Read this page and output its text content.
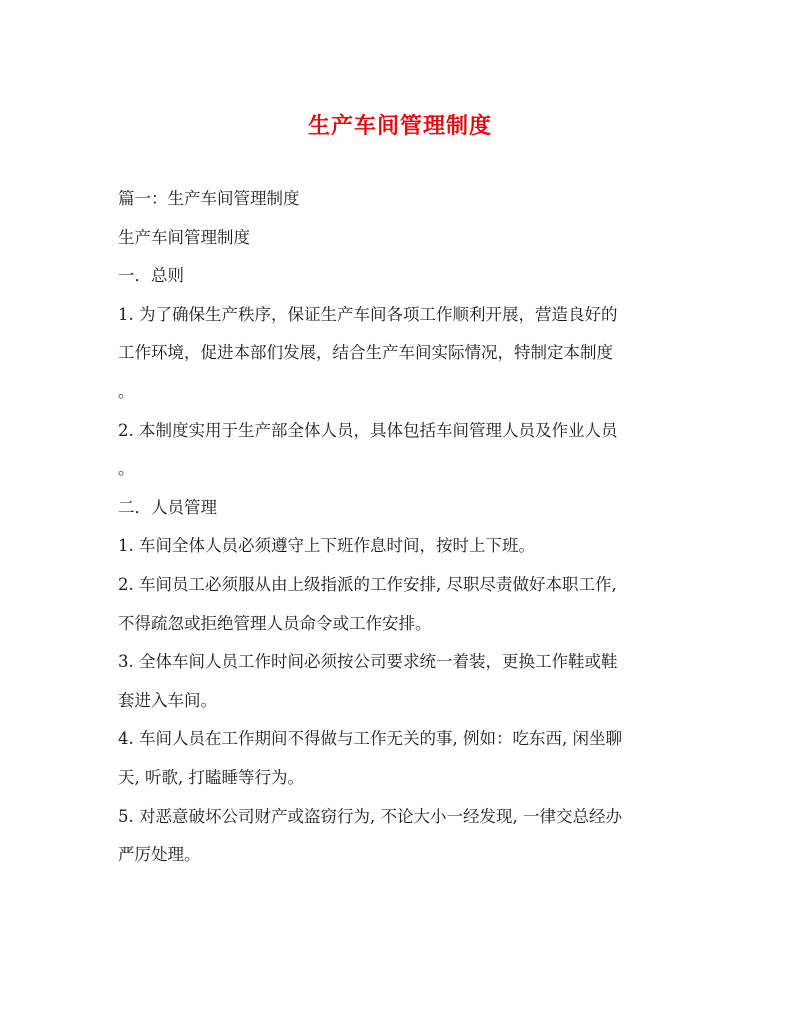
生产车间管理制度
篇一：生产车间管理制度
生产车间管理制度
一．总则
1. 为了确保生产秩序，保证生产车间各项工作顺利开展，营造良好的
工作环境，促进本部们发展，结合生产车间实际情况，特制定本制度
。
2. 本制度实用于生产部全体人员，具体包括车间管理人员及作业人员
。
二．人员管理
1. 车间全体人员必须遵守上下班作息时间，按时上下班。
2. 车间员工必须服从由上级指派的工作安排, 尽职尽责做好本职工作,
不得疏忽或拒绝管理人员命令或工作安排。
3. 全体车间人员工作时间必须按公司要求统一着装，更换工作鞋或鞋
套进入车间。
4. 车间人员在工作期间不得做与工作无关的事, 例如：吃东西, 闲坐聊
天, 听歌, 打瞌睡等行为。
5. 对恶意破坏公司财产或盗窃行为, 不论大小一经发现, 一律交总经办
严厉处理。
